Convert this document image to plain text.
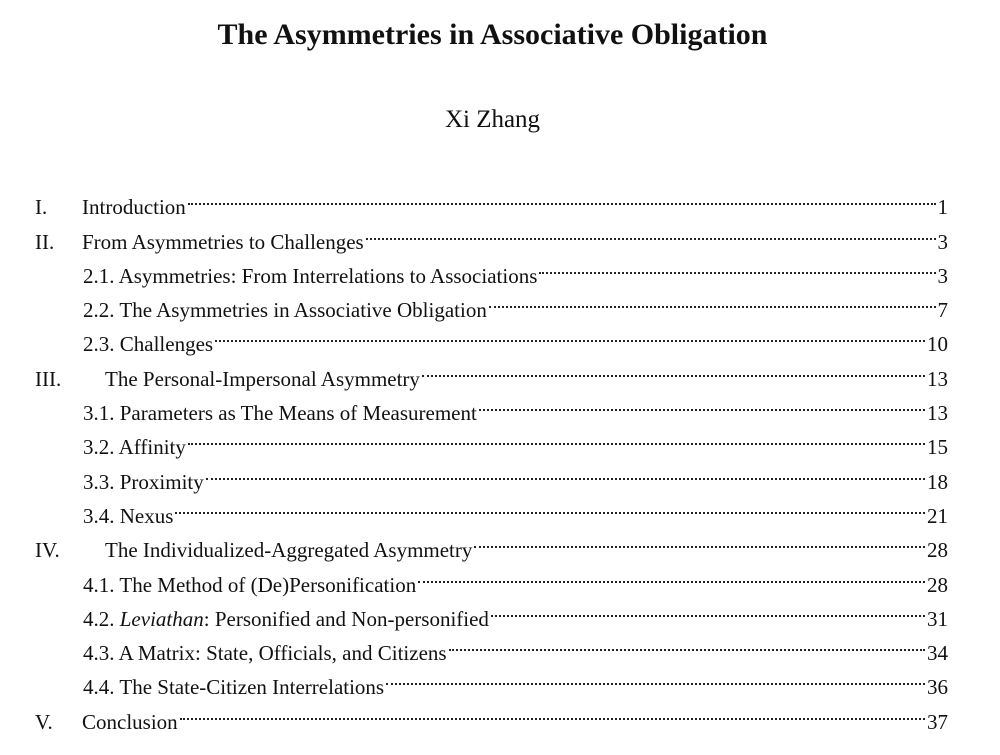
The Asymmetries in Associative Obligation
Xi Zhang
I.	Introduction	1
II.	From Asymmetries to Challenges	3
2.1. Asymmetries: From Interrelations to Associations	3
2.2. The Asymmetries in Associative Obligation	7
2.3. Challenges	10
III.	The Personal-Impersonal Asymmetry	13
3.1. Parameters as The Means of Measurement	13
3.2. Affinity	15
3.3. Proximity	18
3.4. Nexus	21
IV.	The Individualized-Aggregated Asymmetry	28
4.1. The Method of (De)Personification	28
4.2. Leviathan: Personified and Non-personified	31
4.3. A Matrix: State, Officials, and Citizens	34
4.4. The State-Citizen Interrelations	36
V.	Conclusion	37
